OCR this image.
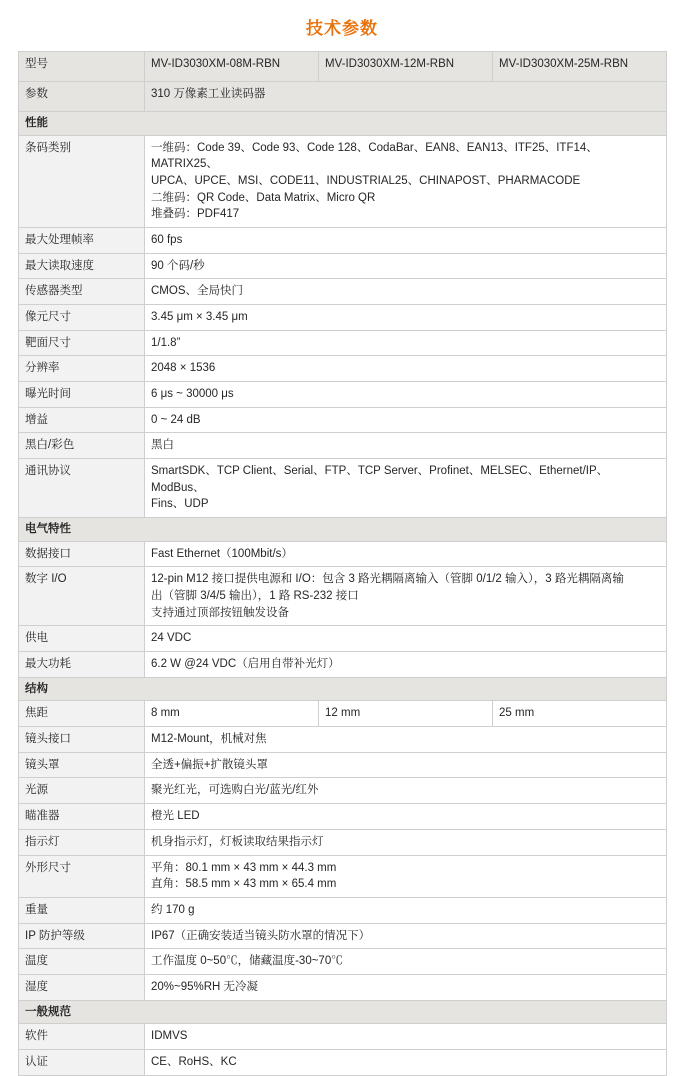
技术参数
型号	MV-ID3030XM-08M-RBN	MV-ID3030XM-12M-RBN	MV-ID3030XM-25M-RBN
参数	310 万像素工业读码器		
性能			
条码类别	一维码：Code 39、Code 93、Code 128、CodaBar、EAN8、EAN13、ITF25、ITF14、MATRIX25、
UPCA、UPCE、MSI、CODE11、INDUSTRIAL25、CHINAPOST、PHARMACODE
二维码：QR Code、Data Matrix、Micro QR
堆叠码：PDF417		

最大处理帧率	60 fps		

最大读取速度	90 个码/秒		

传感器类型	CMOS、全局快门		

像元尺寸	3.45 μm × 3.45 μm		

靶面尺寸	1/1.8”		

分辨率	2048 × 1536		

曝光时间	6 μs ~ 30000 μs		

增益	0 ~ 24 dB		

黑白/彩色	黑白		

通讯协议	SmartSDK、TCP Client、Serial、FTP、TCP Server、Profinet、MELSEC、Ethernet/IP、ModBus、
Fins、UDP		

电气特性			
数据接口	Fast Ethernet（100Mbit/s）		

数字 I/O	12-pin M12 接口提供电源和 I/O：包含 3 路光耦隔离输入（管脚 0/1/2 输入），3 路光耦隔离输
出（管脚 3/4/5 输出），1 路 RS-232 接口
支持通过顶部按钮触发设备		

供电	24 VDC		

最大功耗	6.2 W @24 VDC（启用自带补光灯）		

结构			
焦距	8 mm	12 mm	25 mm
镜头接口	M12-Mount，机械对焦		

镜头罩	全透+偏振+扩散镜头罩		

光源	聚光红光，可选购白光/蓝光/红外		

瞄准器	橙光 LED		

指示灯	机身指示灯，灯板读取结果指示灯		

外形尺寸	平角：80.1 mm × 43 mm × 44.3 mm
直角：58.5 mm × 43 mm × 65.4 mm		

重量	约 170 g		

IP 防护等级	IP67（正确安装适当镜头防水罩的情况下）		

温度	工作温度 0~50℃，储藏温度-30~70℃		

湿度	20%~95%RH 无冷凝		

一般规范			
软件	IDMVS		

认证	CE、RoHS、KC		
